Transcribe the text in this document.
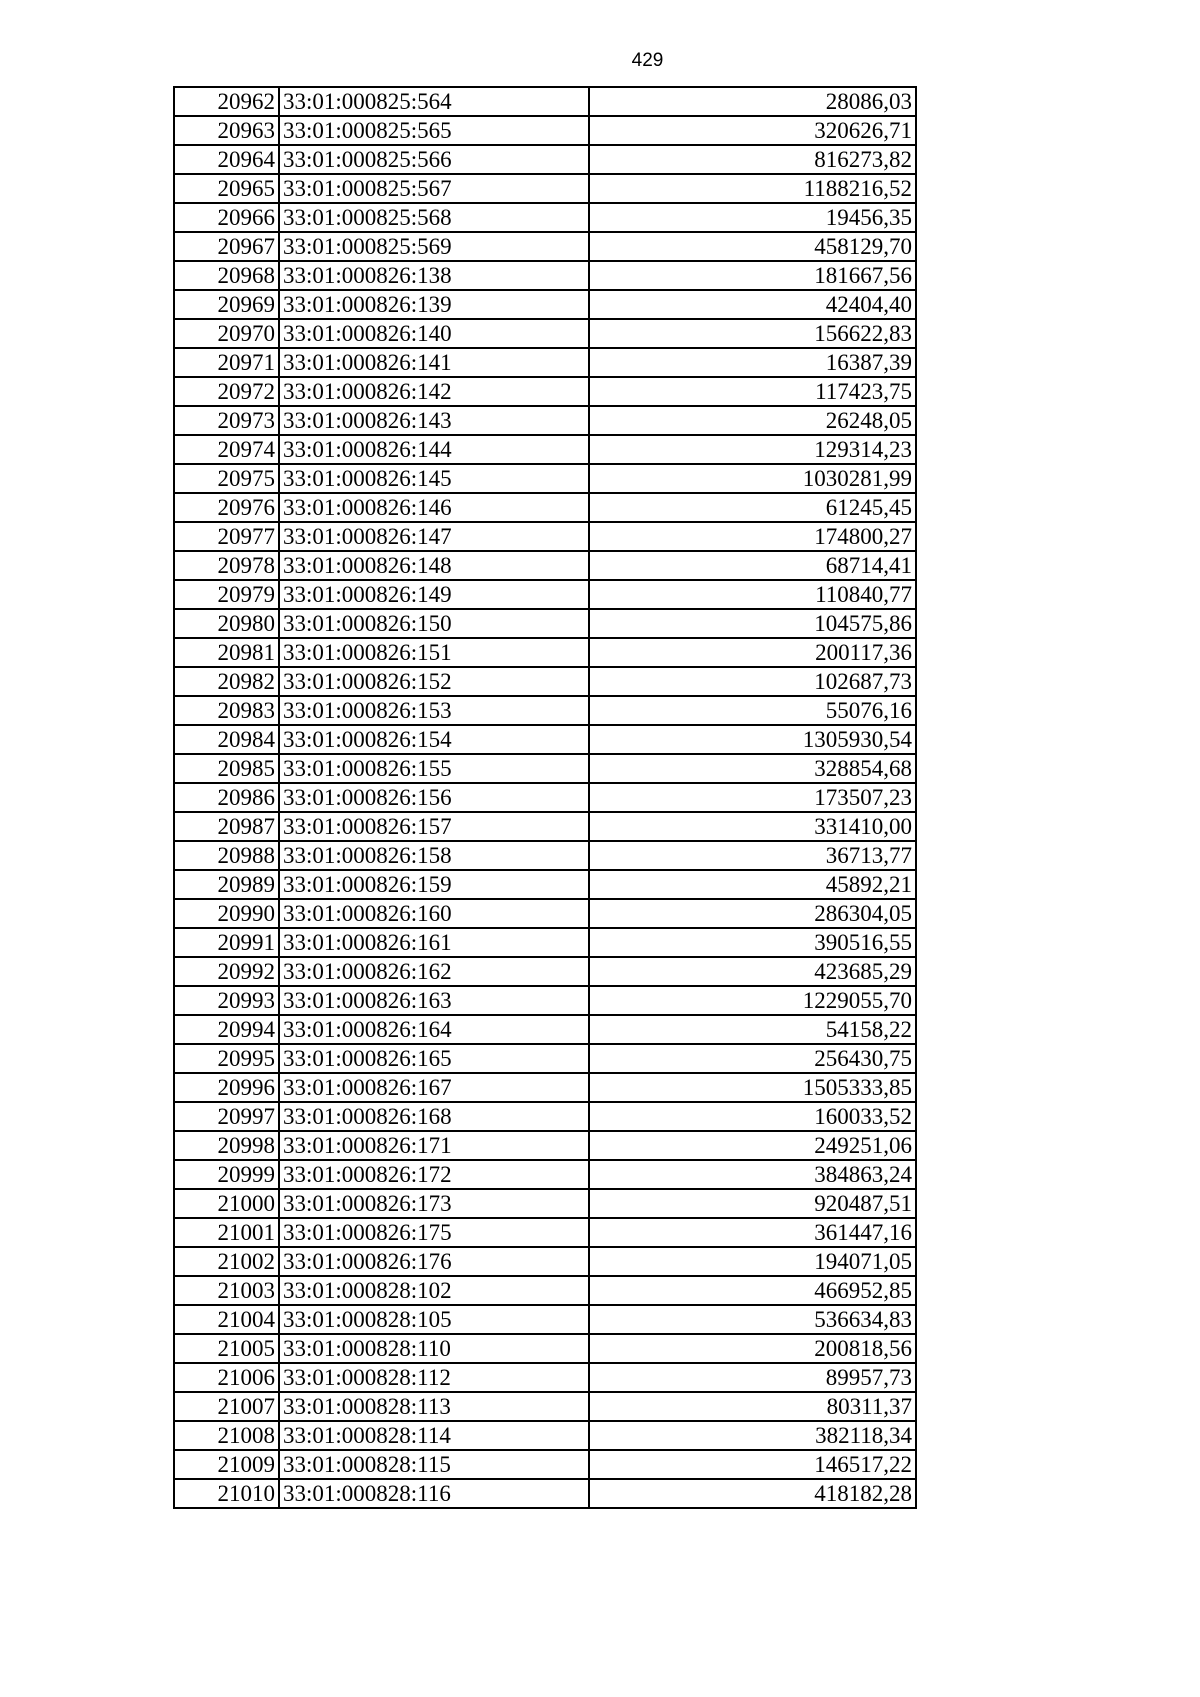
429
20962	33:01:000825:564	28086,03
20963	33:01:000825:565	320626,71
20964	33:01:000825:566	816273,82
20965	33:01:000825:567	1188216,52
20966	33:01:000825:568	19456,35
20967	33:01:000825:569	458129,70
20968	33:01:000826:138	181667,56
20969	33:01:000826:139	42404,40
20970	33:01:000826:140	156622,83
20971	33:01:000826:141	16387,39
20972	33:01:000826:142	117423,75
20973	33:01:000826:143	26248,05
20974	33:01:000826:144	129314,23
20975	33:01:000826:145	1030281,99
20976	33:01:000826:146	61245,45
20977	33:01:000826:147	174800,27
20978	33:01:000826:148	68714,41
20979	33:01:000826:149	110840,77
20980	33:01:000826:150	104575,86
20981	33:01:000826:151	200117,36
20982	33:01:000826:152	102687,73
20983	33:01:000826:153	55076,16
20984	33:01:000826:154	1305930,54
20985	33:01:000826:155	328854,68
20986	33:01:000826:156	173507,23
20987	33:01:000826:157	331410,00
20988	33:01:000826:158	36713,77
20989	33:01:000826:159	45892,21
20990	33:01:000826:160	286304,05
20991	33:01:000826:161	390516,55
20992	33:01:000826:162	423685,29
20993	33:01:000826:163	1229055,70
20994	33:01:000826:164	54158,22
20995	33:01:000826:165	256430,75
20996	33:01:000826:167	1505333,85
20997	33:01:000826:168	160033,52
20998	33:01:000826:171	249251,06
20999	33:01:000826:172	384863,24
21000	33:01:000826:173	920487,51
21001	33:01:000826:175	361447,16
21002	33:01:000826:176	194071,05
21003	33:01:000828:102	466952,85
21004	33:01:000828:105	536634,83
21005	33:01:000828:110	200818,56
21006	33:01:000828:112	89957,73
21007	33:01:000828:113	80311,37
21008	33:01:000828:114	382118,34
21009	33:01:000828:115	146517,22
21010	33:01:000828:116	418182,28
